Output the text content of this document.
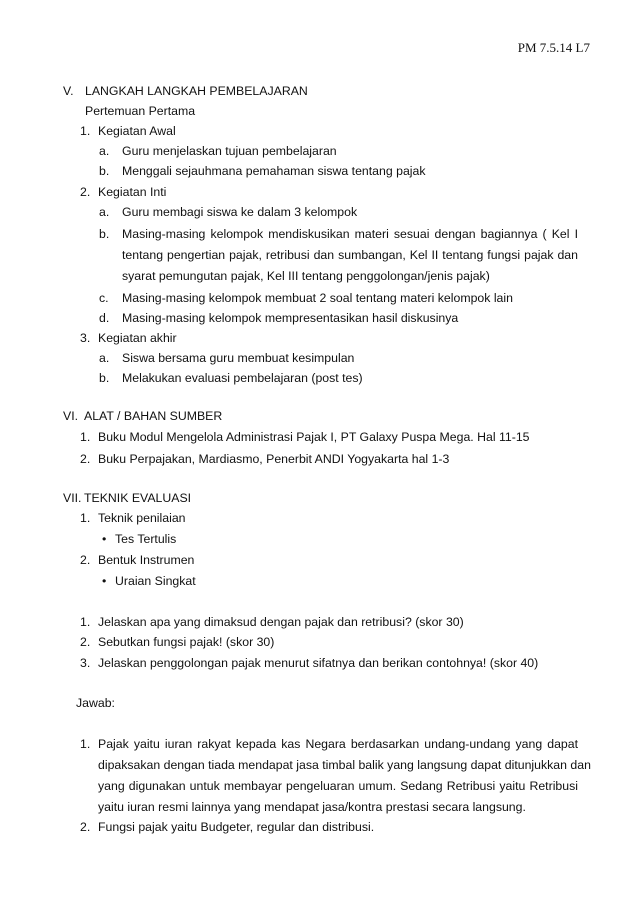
PM 7.5.14 L7
V. LANGKAH LANGKAH PEMBELAJARAN
Pertemuan Pertama
1. Kegiatan Awal
a. Guru menjelaskan tujuan pembelajaran
b. Menggali sejauhmana pemahaman siswa tentang pajak
2. Kegiatan Inti
a. Guru membagi siswa ke dalam 3 kelompok
b. Masing-masing kelompok mendiskusikan materi sesuai dengan bagiannya ( Kel I
tentang pengertian pajak, retribusi dan sumbangan, Kel II tentang fungsi pajak dan
syarat pemungutan pajak, Kel III tentang penggolongan/jenis pajak)
c. Masing-masing kelompok membuat 2 soal tentang materi kelompok lain
d. Masing-masing kelompok mempresentasikan hasil diskusinya
3. Kegiatan akhir
a. Siswa bersama guru membuat kesimpulan
b. Melakukan evaluasi pembelajaran (post tes)
VI. ALAT / BAHAN SUMBER
1. Buku Modul Mengelola Administrasi Pajak I, PT Galaxy Puspa Mega. Hal 11-15
2. Buku Perpajakan, Mardiasmo, Penerbit ANDI Yogyakarta hal 1-3
VII. TEKNIK EVALUASI
1. Teknik penilaian
• Tes Tertulis
2. Bentuk Instrumen
• Uraian Singkat
1. Jelaskan apa yang dimaksud dengan pajak dan retribusi? (skor 30)
2. Sebutkan fungsi pajak! (skor 30)
3. Jelaskan penggolongan pajak menurut sifatnya dan berikan contohnya! (skor 40)
Jawab:
1. Pajak yaitu iuran rakyat kepada kas Negara berdasarkan undang-undang yang dapat
dipaksakan dengan tiada mendapat jasa timbal balik yang langsung dapat ditunjukkan dan
yang digunakan untuk membayar pengeluaran umum. Sedang Retribusi yaitu Retribusi
yaitu iuran resmi lainnya yang mendapat jasa/kontra prestasi secara langsung.
2. Fungsi pajak yaitu Budgeter, regular dan distribusi.
